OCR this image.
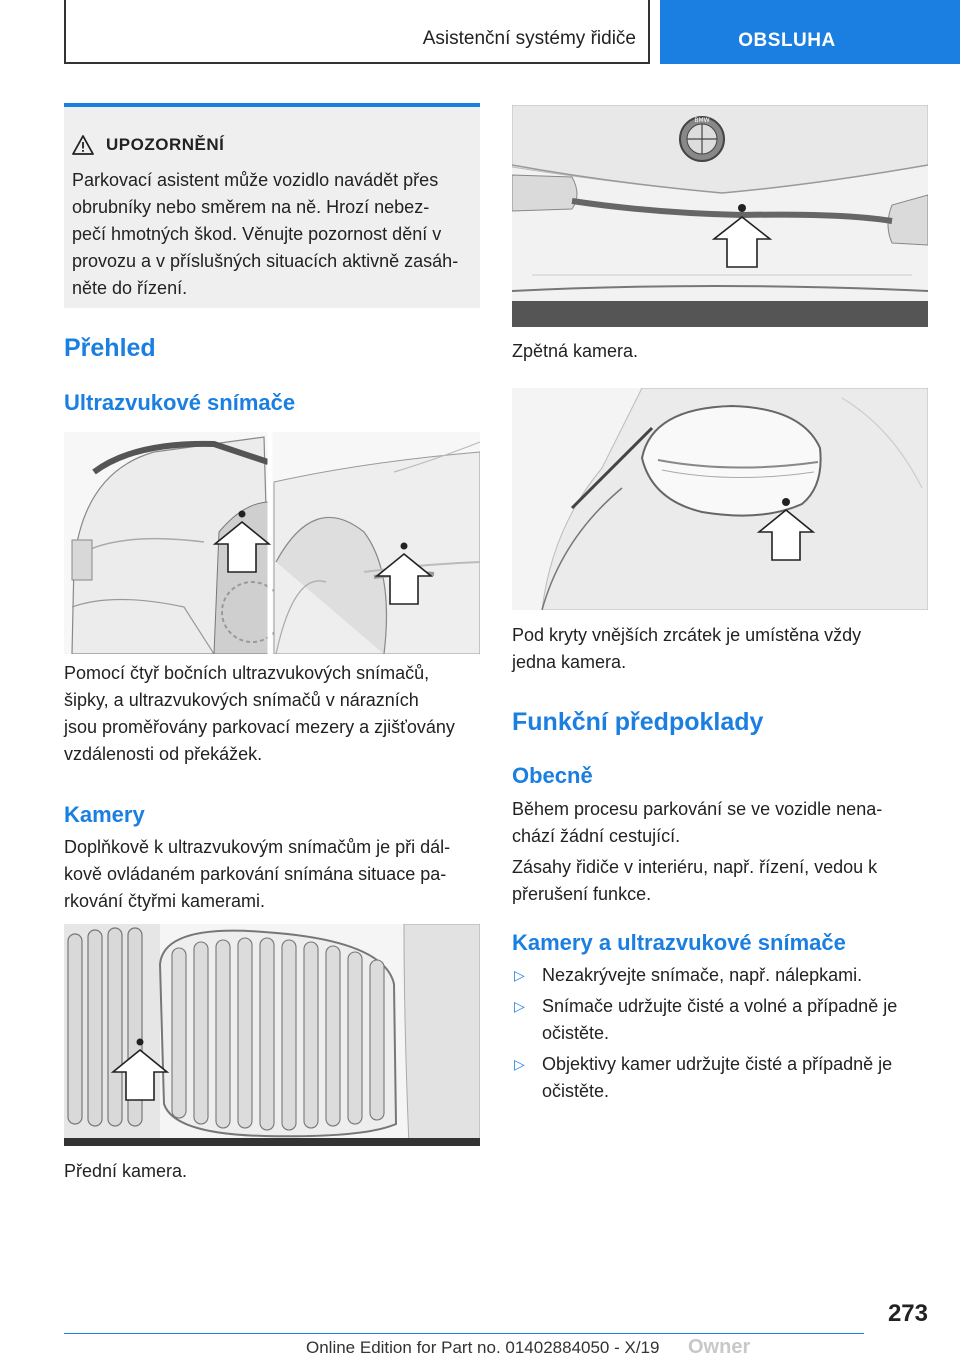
Asistenční systémy řidiče	OBSLUHA
UPOZORNĚNÍ
Parkovací asistent může vozidlo navádět přes
obrubníky nebo směrem na ně. Hrozí nebez-
pečí hmotných škod. Věnujte pozornost dění v
provozu a v příslušných situacích aktivně zasáh-
něte do řízení.
Přehled
Ultrazvukové snímače
Pomocí čtyř bočních ultrazvukových snímačů,
šipky, a ultrazvukových snímačů v nárazních
jsou proměřovány parkovací mezery a zjišťovány
vzdálenosti od překážek.
Kamery
Doplňkově k ultrazvukovým snímačům je při dál-
kově ovládaném parkování snímána situace pa-
rkování čtyřmi kamerami.
Přední kamera.
BMW
Zpětná kamera.
Pod kryty vnějších zrcátek je umístěna vždy
jedna kamera.
Funkční předpoklady
Obecně
Během procesu parkování se ve vozidle nena-
chází žádní cestující.
Zásahy řidiče v interiéru, např. řízení, vedou k
přerušení funkce.
Kamery a ultrazvukové snímače
▷ Nezakrývejte snímače, např. nálepkami.
▷ Snímače udržujte čisté a volné a případně je
očistěte.
▷ Objektivy kamer udržujte čisté a případně je
očistěte.
273
Owner
Online Edition for Part no. 01402884050 - X/19
